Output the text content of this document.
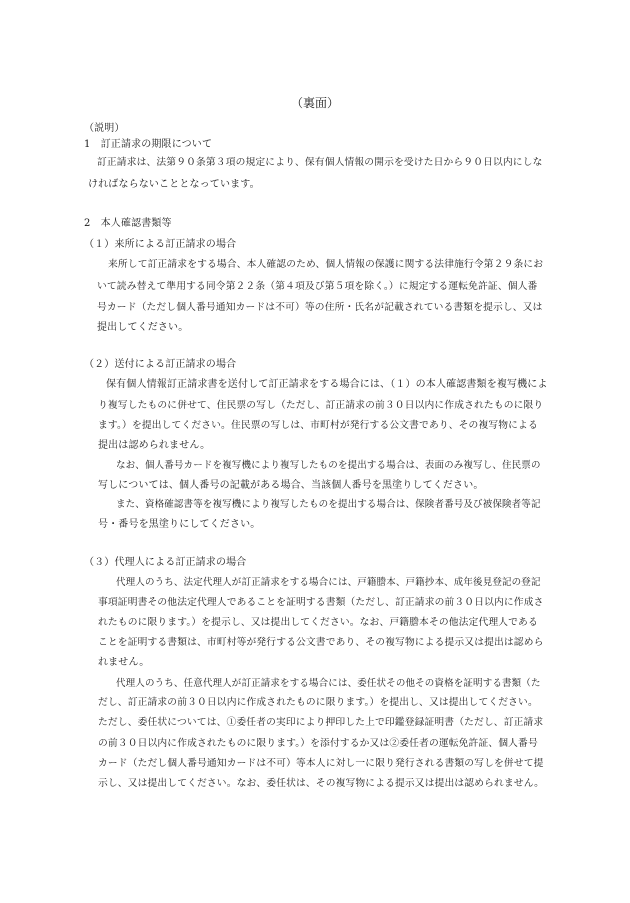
（裏面）
（説明）
1　訂正請求の期限について
訂正請求は、法第９０条第３項の規定により、保有個人情報の開示を受けた日から９０日以内にしな
ければならないこととなっています。
2　本人確認書類等
（１）来所による訂正請求の場合
来所して訂正請求をする場合、本人確認のため、個人情報の保護に関する法律施行令第２９条にお
いて読み替えて準用する同令第２２条（第４項及び第５項を除く。）に規定する運転免許証、個人番
号カード（ただし個人番号通知カードは不可）等の住所・氏名が記載されている書類を提示し、又は
提出してください。
（２）送付による訂正請求の場合
保有個人情報訂正請求書を送付して訂正請求をする場合には、（１）の本人確認書類を複写機によ
り複写したものに併せて、住民票の写し（ただし、訂正請求の前３０日以内に作成されたものに限り
ます。）を提出してください。住民票の写しは、市町村が発行する公文書であり、その複写物による
提出は認められません。
なお、個人番号カードを複写機により複写したものを提出する場合は、表面のみ複写し、住民票の
写しについては、個人番号の記載がある場合、当該個人番号を黒塗りしてください。
また、資格確認書等を複写機により複写したものを提出する場合は、保険者番号及び被保険者等記
号・番号を黒塗りにしてください。
（３）代理人による訂正請求の場合
代理人のうち、法定代理人が訂正請求をする場合には、戸籍謄本、戸籍抄本、成年後見登記の登記
事項証明書その他法定代理人であることを証明する書類（ただし、訂正請求の前３０日以内に作成さ
れたものに限ります。）を提示し、又は提出してください。なお、戸籍謄本その他法定代理人である
ことを証明する書類は、市町村等が発行する公文書であり、その複写物による提示又は提出は認めら
れません。
代理人のうち、任意代理人が訂正請求をする場合には、委任状その他その資格を証明する書類（た
だし、訂正請求の前３０日以内に作成されたものに限ります。）を提出し、又は提出してください。
ただし、委任状については、①委任者の実印により押印した上で印鑑登録証明書（ただし、訂正請求
の前３０日以内に作成されたものに限ります。）を添付するか又は②委任者の運転免許証、個人番号
カード（ただし個人番号通知カードは不可）等本人に対し一に限り発行される書類の写しを併せて提
示し、又は提出してください。なお、委任状は、その複写物による提示又は提出は認められません。
